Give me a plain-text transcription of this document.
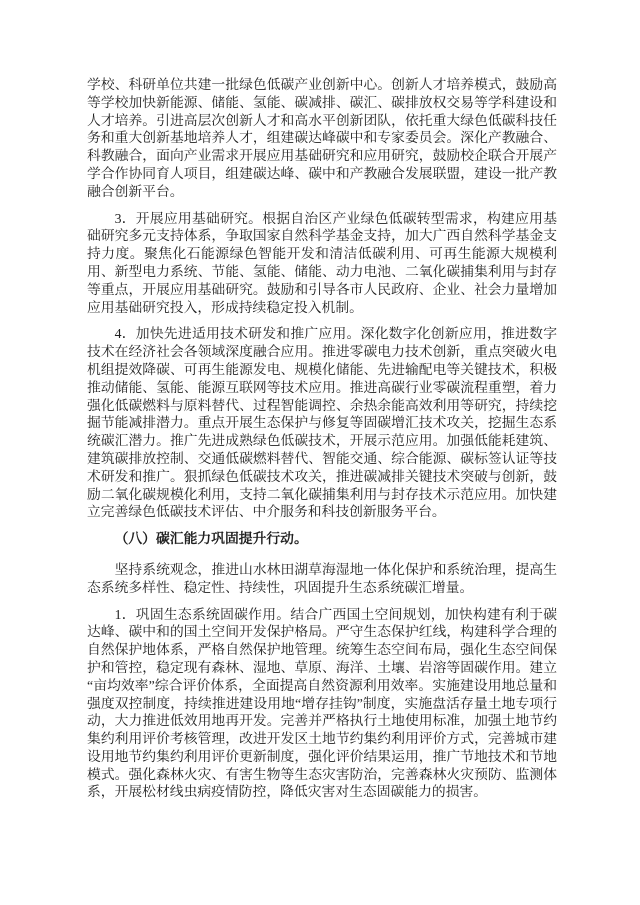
学校、科研单位共建一批绿色低碳产业创新中心。创新人才培养模式，鼓励高等学校加快新能源、储能、氢能、碳减排、碳汇、碳排放权交易等学科建设和人才培养。引进高层次创新人才和高水平创新团队，依托重大绿色低碳科技任务和重大创新基地培养人才，组建碳达峰碳中和专家委员会。深化产教融合、科教融合，面向产业需求开展应用基础研究和应用研究，鼓励校企联合开展产学合作协同育人项目，组建碳达峰、碳中和产教融合发展联盟，建设一批产教融合创新平台。

3．开展应用基础研究。根据自治区产业绿色低碳转型需求，构建应用基础研究多元支持体系，争取国家自然科学基金支持，加大广西自然科学基金支持力度。聚焦化石能源绿色智能开发和清洁低碳利用、可再生能源大规模利用、新型电力系统、节能、氢能、储能、动力电池、二氧化碳捕集利用与封存等重点，开展应用基础研究。鼓励和引导各市人民政府、企业、社会力量增加应用基础研究投入，形成持续稳定投入机制。

4．加快先进适用技术研发和推广应用。深化数字化创新应用，推进数字技术在经济社会各领域深度融合应用。推进零碳电力技术创新，重点突破火电机组提效降碳、可再生能源发电、规模化储能、先进输配电等关键技术，积极推动储能、氢能、能源互联网等技术应用。推进高碳行业零碳流程重塑，着力强化低碳燃料与原料替代、过程智能调控、余热余能高效利用等研究，持续挖掘节能减排潜力。重点开展生态保护与修复等固碳增汇技术攻关，挖掘生态系统碳汇潜力。推广先进成熟绿色低碳技术，开展示范应用。加强低能耗建筑、建筑碳排放控制、交通低碳燃料替代、智能交通、综合能源、碳标签认证等技术研发和推广。狠抓绿色低碳技术攻关，推进碳减排关键技术突破与创新，鼓励二氧化碳规模化利用，支持二氧化碳捕集利用与封存技术示范应用。加快建立完善绿色低碳技术评估、中介服务和科技创新服务平台。

（八）碳汇能力巩固提升行动。

坚持系统观念，推进山水林田湖草海湿地一体化保护和系统治理，提高生态系统多样性、稳定性、持续性，巩固提升生态系统碳汇增量。

1．巩固生态系统固碳作用。结合广西国土空间规划，加快构建有利于碳达峰、碳中和的国土空间开发保护格局。严守生态保护红线，构建科学合理的自然保护地体系，严格自然保护地管理。统筹生态空间布局，强化生态空间保护和管控，稳定现有森林、湿地、草原、海洋、土壤、岩溶等固碳作用。建立“亩均效率”综合评价体系，全面提高自然资源利用效率。实施建设用地总量和强度双控制度，持续推进建设用地“增存挂钩”制度，实施盘活存量土地专项行动，大力推进低效用地再开发。完善并严格执行土地使用标准，加强土地节约集约利用评价考核管理，改进开发区土地节约集约利用评价方式，完善城市建设用地节约集约利用评价更新制度，强化评价结果运用，推广节地技术和节地模式。强化森林火灾、有害生物等生态灾害防治，完善森林火灾预防、监测体系，开展松材线虫病疫情防控，降低灾害对生态固碳能力的损害。
